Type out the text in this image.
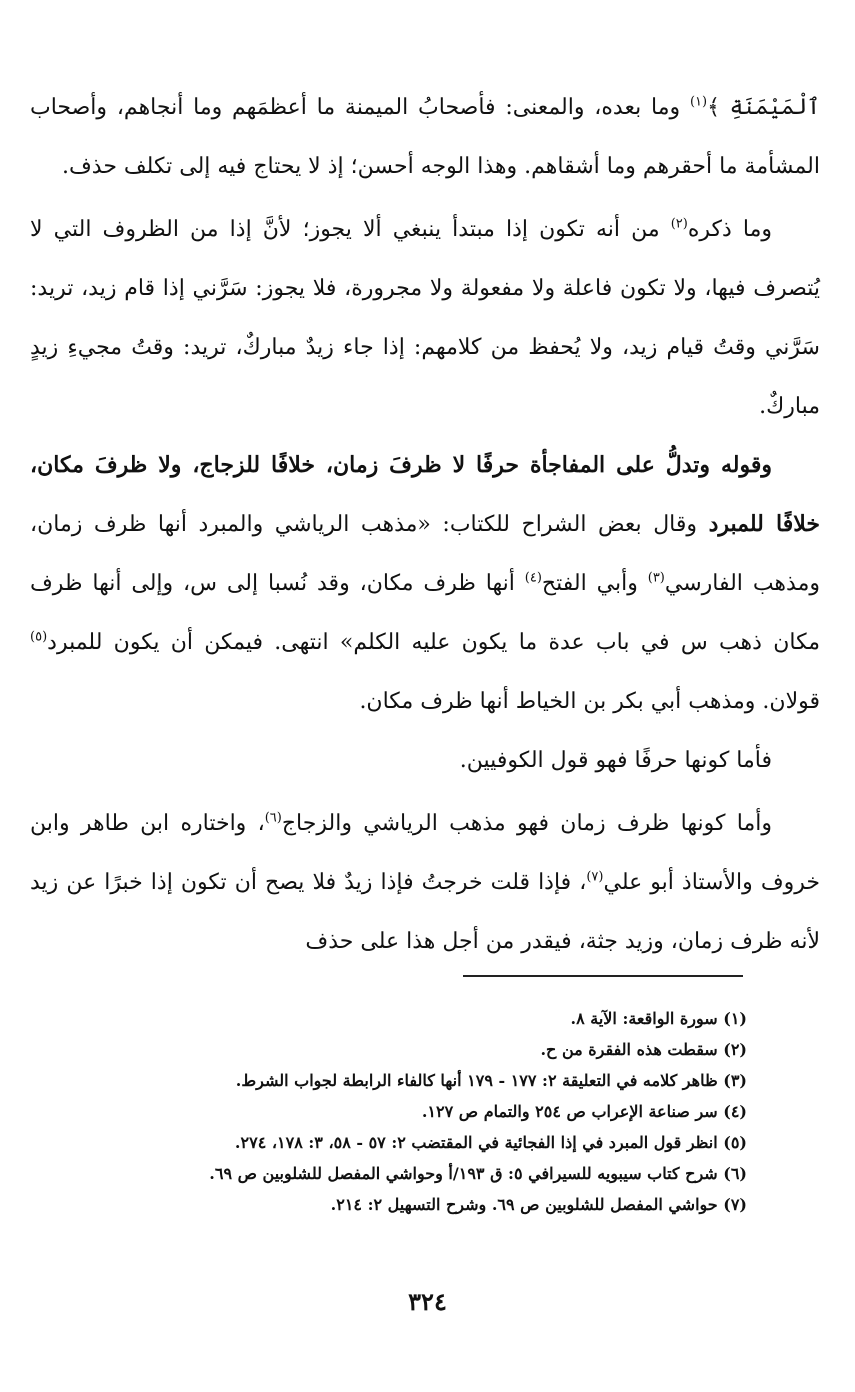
ٱلْمَيْمَنَةِ ﴾$^{(١)}$ وما بعده، والمعنى: فأصحابُ الميمنة ما أعظمَهم وما أنجاهم، وأصحاب المشأمة ما أحقرهم وما أشقاهم. وهذا الوجه أحسن؛ إذ لا يحتاج فيه إلى تكلف حذف.

وما ذكره$^{(٢)}$ من أنه تكون إذا مبتدأ ينبغي ألا يجوز؛ لأنَّ إذا من الظروف التي لا يُتصرف فيها، ولا تكون فاعلة ولا مفعولة ولا مجرورة، فلا يجوز: سَرَّني إذا قام زيد، تريد: سَرَّني وقتُ قيام زيد، ولا يُحفظ من كلامهم: إذا جاء زيدٌ مباركٌ، تريد: وقتُ مجيءِ زيدٍ مباركٌ.

وقوله وتدلُّ على المفاجأة حرفًا لا ظرفَ زمان، خلافًا للزجاج، ولا ظرفَ مكان، خلافًا للمبرد وقال بعض الشراح للكتاب: «مذهب الرياشي والمبرد أنها ظرف زمان، ومذهب الفارسي$^{(٣)}$ وأبي الفتح$^{(٤)}$ أنها ظرف مكان، وقد نُسبا إلى س، وإلى أنها ظرف مكان ذهب س في باب عدة ما يكون عليه الكلم» انتهى. فيمكن أن يكون للمبرد$^{(٥)}$ قولان. ومذهب أبي بكر بن الخياط أنها ظرف مكان.

فأما كونها حرفًا فهو قول الكوفيين.

وأما كونها ظرف زمان فهو مذهب الرياشي والزجاج$^{(٦)}$، واختاره ابن طاهر وابن خروف والأستاذ أبو علي$^{(٧)}$، فإذا قلت خرجتُ فإذا زيدٌ فلا يصح أن تكون إذا خبرًا عن زيد لأنه ظرف زمان، وزيد جثة، فيقدر من أجل هذا على حذف

(١) سورة الواقعة: الآية ٨.

(٢) سقطت هذه الفقرة من ح.

(٣) ظاهر كلامه في التعليقة ٢: ١٧٧ - ١٧٩ أنها كالفاء الرابطة لجواب الشرط.

(٤) سر صناعة الإعراب ص ٢٥٤ والتمام ص ١٢٧.

(٥) انظر قول المبرد في إذا الفجائية في المقتضب ٢: ٥٧ - ٥٨، ٣: ١٧٨، ٢٧٤.

(٦) شرح كتاب سيبويه للسيرافي ٥: ق ١٩٣/أ وحواشي المفصل للشلوبين ص ٦٩.

(٧) حواشي المفصل للشلوبين ص ٦٩. وشرح التسهيل ٢: ٢١٤.

٣٢٤
